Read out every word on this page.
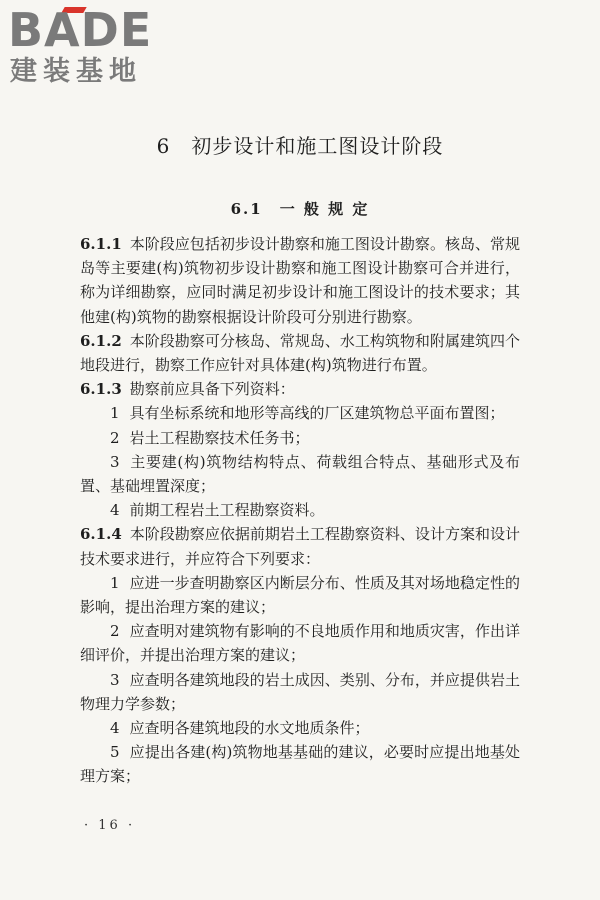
BADE
建装基地
6　初步设计和施工图设计阶段
6.1　一 般 规 定

6.1.1 本阶段应包括初步设计勘察和施工图设计勘察。核岛、常规岛等主要建(构)筑物初步设计勘察和施工图设计勘察可合并进行，称为详细勘察，应同时满足初步设计和施工图设计的技术要求；其他建(构)筑物的勘察根据设计阶段可分别进行勘察。

6.1.2 本阶段勘察可分核岛、常规岛、水工构筑物和附属建筑四个地段进行，勘察工作应针对具体建(构)筑物进行布置。

6.1.3 勘察前应具备下列资料：

1 具有坐标系统和地形等高线的厂区建筑物总平面布置图；

2 岩土工程勘察技术任务书；

3 主要建(构)筑物结构特点、荷载组合特点、基础形式及布置、基础埋置深度；

4 前期工程岩土工程勘察资料。

6.1.4 本阶段勘察应依据前期岩土工程勘察资料、设计方案和设计技术要求进行，并应符合下列要求：

1 应进一步查明勘察区内断层分布、性质及其对场地稳定性的影响，提出治理方案的建议；

2 应查明对建筑物有影响的不良地质作用和地质灾害，作出详细评价，并提出治理方案的建议；

3 应查明各建筑地段的岩土成因、类别、分布，并应提供岩土物理力学参数；

4 应查明各建筑地段的水文地质条件；

5 应提出各建(构)筑物地基基础的建议，必要时应提出地基处理方案；

· 16 ·
